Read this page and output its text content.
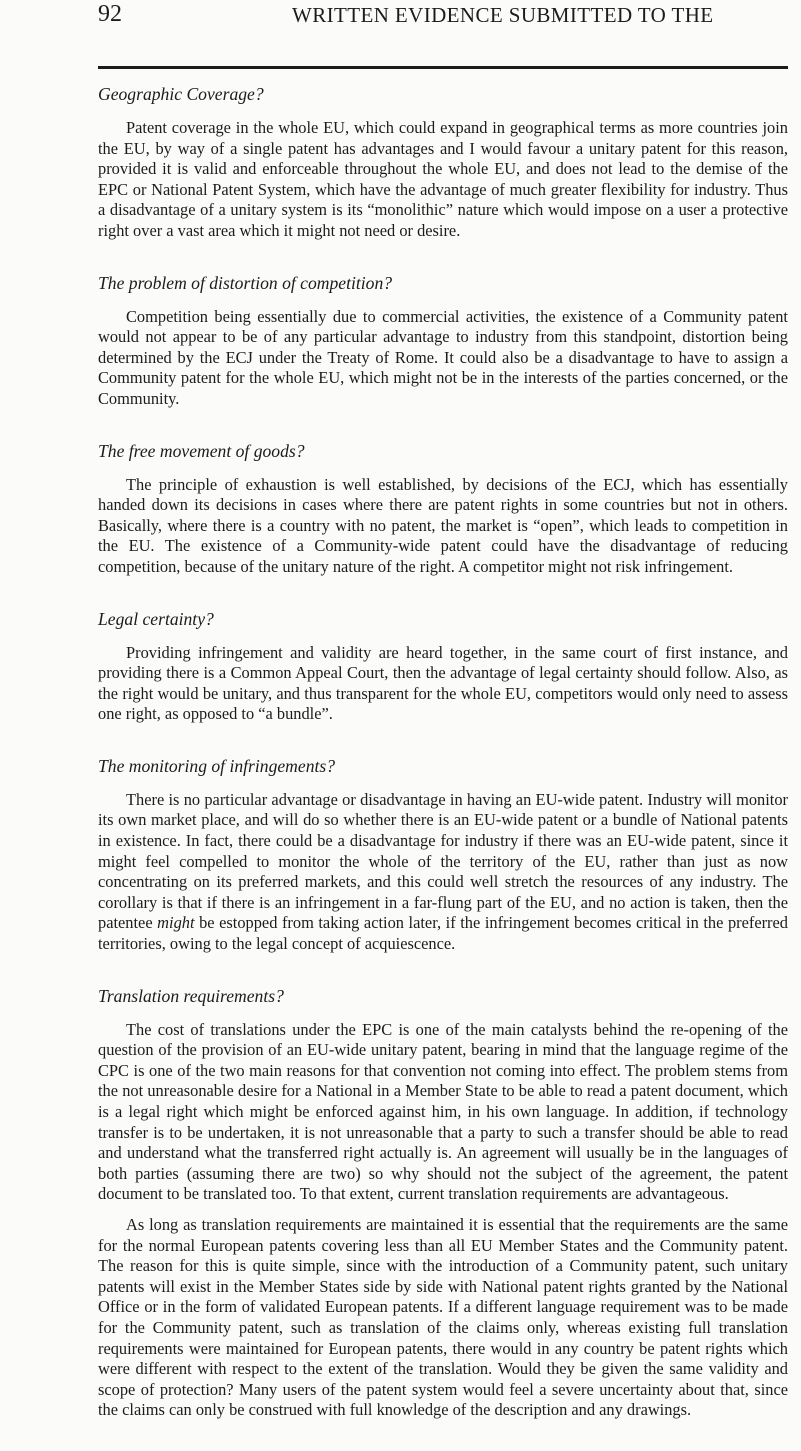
92	WRITTEN EVIDENCE SUBMITTED TO THE
Geographic Coverage?

Patent coverage in the whole EU, which could expand in geographical terms as more countries join the EU, by way of a single patent has advantages and I would favour a unitary patent for this reason, provided it is valid and enforceable throughout the whole EU, and does not lead to the demise of the EPC or National Patent System, which have the advantage of much greater flexibility for industry. Thus a disadvantage of a unitary system is its “monolithic” nature which would impose on a user a protective right over a vast area which it might not need or desire.

The problem of distortion of competition?

Competition being essentially due to commercial activities, the existence of a Community patent would not appear to be of any particular advantage to industry from this standpoint, distortion being determined by the ECJ under the Treaty of Rome. It could also be a disadvantage to have to assign a Community patent for the whole EU, which might not be in the interests of the parties concerned, or the Community.

The free movement of goods?

The principle of exhaustion is well established, by decisions of the ECJ, which has essentially handed down its decisions in cases where there are patent rights in some countries but not in others. Basically, where there is a country with no patent, the market is “open”, which leads to competition in the EU. The existence of a Community-wide patent could have the disadvantage of reducing competition, because of the unitary nature of the right. A competitor might not risk infringement.

Legal certainty?

Providing infringement and validity are heard together, in the same court of first instance, and providing there is a Common Appeal Court, then the advantage of legal certainty should follow. Also, as the right would be unitary, and thus transparent for the whole EU, competitors would only need to assess one right, as opposed to “a bundle”.

The monitoring of infringements?

There is no particular advantage or disadvantage in having an EU-wide patent. Industry will monitor its own market place, and will do so whether there is an EU-wide patent or a bundle of National patents in existence. In fact, there could be a disadvantage for industry if there was an EU-wide patent, since it might feel compelled to monitor the whole of the territory of the EU, rather than just as now concentrating on its preferred markets, and this could well stretch the resources of any industry. The corollary is that if there is an infringement in a far-flung part of the EU, and no action is taken, then the patentee might be estopped from taking action later, if the infringement becomes critical in the preferred territories, owing to the legal concept of acquiescence.

Translation requirements?

The cost of translations under the EPC is one of the main catalysts behind the re-opening of the question of the provision of an EU-wide unitary patent, bearing in mind that the language regime of the CPC is one of the two main reasons for that convention not coming into effect. The problem stems from the not unreasonable desire for a National in a Member State to be able to read a patent document, which is a legal right which might be enforced against him, in his own language. In addition, if technology transfer is to be undertaken, it is not unreasonable that a party to such a transfer should be able to read and understand what the transferred right actually is. An agreement will usually be in the languages of both parties (assuming there are two) so why should not the subject of the agreement, the patent document to be translated too. To that extent, current translation requirements are advantageous.

As long as translation requirements are maintained it is essential that the requirements are the same for the normal European patents covering less than all EU Member States and the Community patent. The reason for this is quite simple, since with the introduction of a Community patent, such unitary patents will exist in the Member States side by side with National patent rights granted by the National Office or in the form of validated European patents. If a different language requirement was to be made for the Community patent, such as translation of the claims only, whereas existing full translation requirements were maintained for European patents, there would in any country be patent rights which were different with respect to the extent of the translation. Would they be given the same validity and scope of protection? Many users of the patent system would feel a severe uncertainty about that, since the claims can only be construed with full knowledge of the description and any drawings.
